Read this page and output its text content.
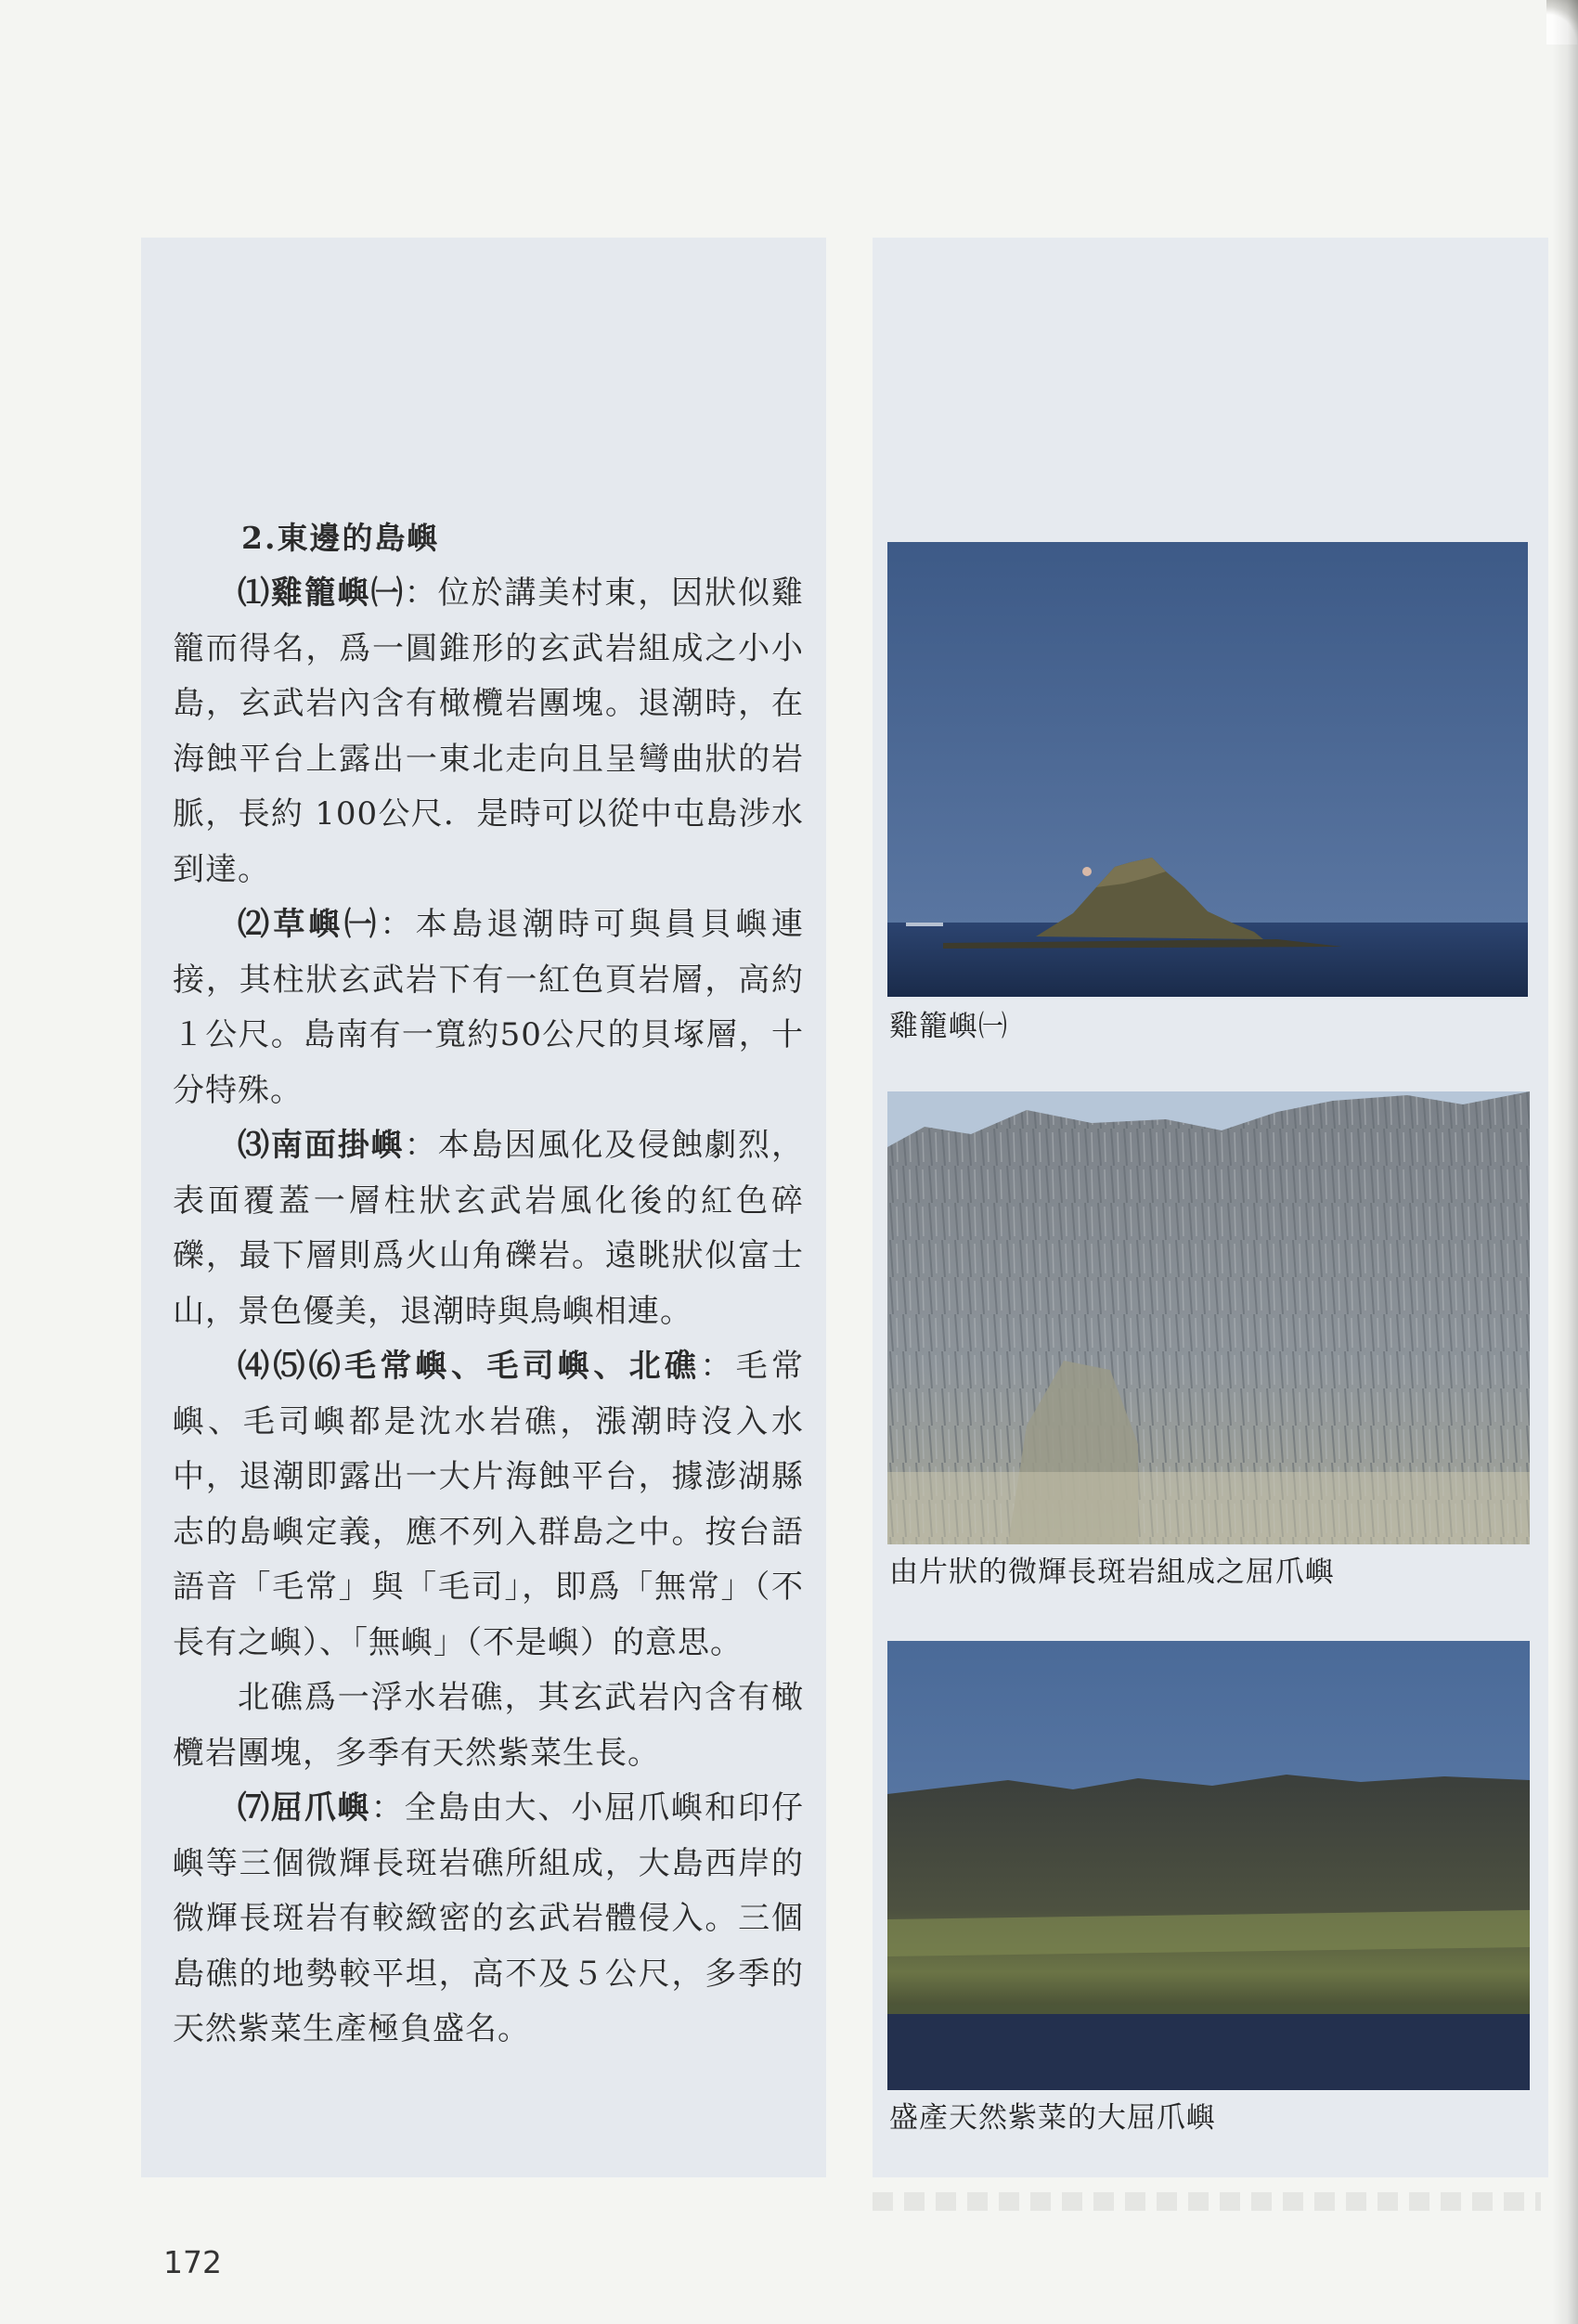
2.東邊的島嶼

⑴雞籠嶼㈠：位於講美村東，因狀似雞籠而得名，爲一圓錐形的玄武岩組成之小小島，玄武岩內含有橄欖岩團塊。退潮時，在海蝕平台上露出一東北走向且呈彎曲狀的岩脈，長約 100公尺．是時可以從中屯島涉水到達。

⑵草嶼㈠：本島退潮時可與員貝嶼連接，其柱狀玄武岩下有一紅色頁岩層，高約１公尺。島南有一寬約50公尺的貝塚層，十分特殊。

⑶南面掛嶼：本島因風化及侵蝕劇烈，表面覆蓋一層柱狀玄武岩風化後的紅色碎礫，最下層則爲火山角礫岩。遠眺狀似富士山，景色優美，退潮時與鳥嶼相連。

⑷⑸⑹毛常嶼、毛司嶼、北礁：毛常嶼、毛司嶼都是沈水岩礁，漲潮時沒入水中，退潮即露出一大片海蝕平台，據澎湖縣志的島嶼定義，應不列入群島之中。按台語語音「毛常」與「毛司」，即爲「無常」（不長有之嶼）、「無嶼」（不是嶼）的意思。

北礁爲一浮水岩礁，其玄武岩內含有橄欖岩團塊，多季有天然紫菜生長。

⑺屈爪嶼：全島由大、小屈爪嶼和印仔嶼等三個微輝長斑岩礁所組成，大島西岸的微輝長斑岩有較緻密的玄武岩體侵入。三個島礁的地勢較平坦，高不及５公尺，多季的天然紫菜生產極負盛名。

雞籠嶼㈠
由片狀的微輝長斑岩組成之屈爪嶼
盛產天然紫菜的大屈爪嶼
172
